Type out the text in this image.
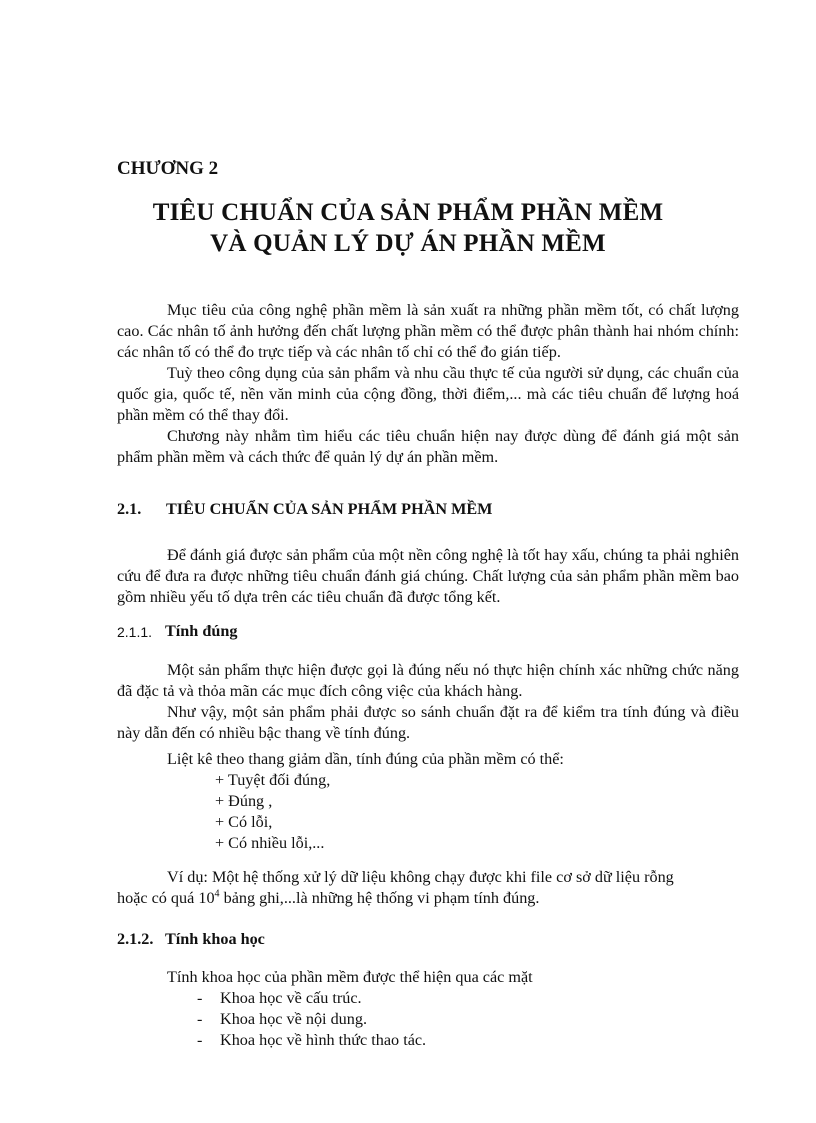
CHƯƠNG 2
TIÊU CHUẨN CỦA SẢN PHẨM PHẦN MỀM
VÀ QUẢN LÝ DỰ ÁN PHẦN MỀM
Mục tiêu của công nghệ phần mềm là sản xuất ra những phần mềm tốt, có chất lượng cao. Các nhân tố ảnh hưởng đến chất lượng phần mềm có thể được phân thành hai nhóm chính: các nhân tố có thể đo trực tiếp và các nhân tố chỉ có thể đo gián tiếp.
Tuỳ theo công dụng của sản phẩm và nhu cầu thực tế của người sử dụng, các chuẩn của quốc gia, quốc tế, nền văn minh của cộng đồng, thời điểm,... mà các tiêu chuẩn để lượng hoá phần mềm có thể thay đổi.
Chương này nhằm tìm hiểu các tiêu chuẩn hiện nay được dùng để đánh giá một sản phẩm phần mềm và cách thức để quản lý dự án phần mềm.
2.1. TIÊU CHUẨN CỦA SẢN PHẨM PHẦN MỀM
Để đánh giá được sản phẩm của một nền công nghệ là tốt hay xấu, chúng ta phải nghiên cứu để đưa ra được những tiêu chuẩn đánh giá chúng. Chất lượng của sản phẩm phần mềm bao gồm nhiều yếu tố dựa trên các tiêu chuẩn đã được tổng kết.
2.1.1. Tính đúng
Một sản phẩm thực hiện được gọi là đúng nếu nó thực hiện chính xác những chức năng đã đặc tả và thỏa mãn các mục đích công việc của khách hàng.
Như vậy, một sản phẩm phải được so sánh chuẩn đặt ra để kiểm tra tính đúng và điều này dẫn đến có nhiều bậc thang về tính đúng.
Liệt kê theo thang giảm dần, tính đúng của phần mềm có thể:
+ Tuyệt đối đúng,
+ Đúng ,
+ Có lỗi,
+ Có nhiều lỗi,...
Ví dụ: Một hệ thống xử lý dữ liệu không chạy được khi file cơ sở dữ liệu rỗng
hoặc có quá $10^4$ bảng ghi,...là những hệ thống vi phạm tính đúng.
2.1.2. Tính khoa học
Tính khoa học của phần mềm được thể hiện qua các mặt
- Khoa học về cấu trúc.
- Khoa học về nội dung.
- Khoa học về hình thức thao tác.
